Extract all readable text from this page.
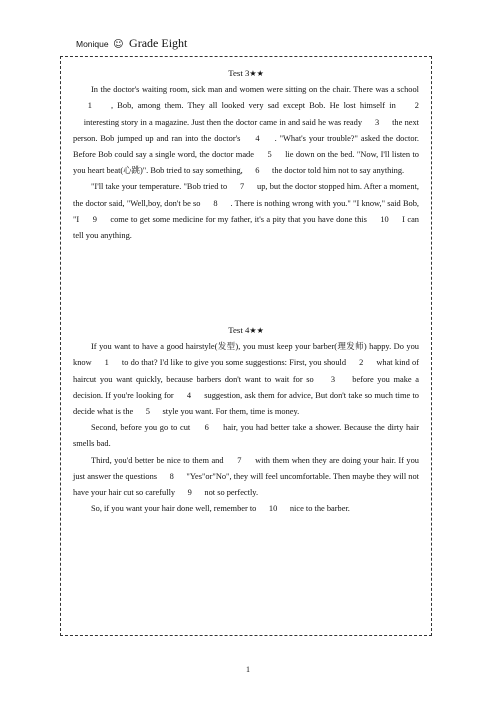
Monique ☺ Grade Eight
Test 3★★

In the doctor's waiting room, sick man and women were sitting on the chair. There was a school 　 1 　 , Bob, among them. They all looked very sad except Bob. He lost himself in 　 2 　 interesting story in a magazine. Just then the doctor came in and said he was ready 　 3 　 the next person. Bob jumped up and ran into the doctor's 　 4 　 . "What's your trouble?" asked the doctor. Before Bob could say a single word, the doctor made 　 5 　 lie down on the bed. "Now, I'll listen to you heart beat(心跳)". Bob tried to say something, 　 6 　 the doctor told him not to say anything.

"I'll take your temperature. "Bob tried to 　 7 　 up, but the doctor stopped him. After a moment, the doctor said, "Well,boy, don't be so 　 8 　 . There is nothing wrong with you." "I know," said Bob, "I 　 9 　 come to get some medicine for my father, it's a pity that you have done this 　 10 　 I can tell you anything.

Test 4★★

If you want to have a good hairstyle(发型), you must keep your barber(理发师) happy. Do you know 　 1 　 to do that? I'd like to give you some suggestions: First, you should 　 2 　 what kind of haircut you want quickly, because barbers don't want to wait for so 　 3 　 before you make a decision. If you're looking for 　 4 　 suggestion, ask them for advice, But don't take so much time to decide what is the 　 5 　 style you want. For them, time is money.

Second, before you go to cut 　 6 　 hair, you had better take a shower. Because the dirty hair smells bad.

Third, you'd better be nice to them and 　 7 　 with them when they are doing your hair. If you just answer the questions 　 8 　 "Yes"or"No", they will feel uncomfortable. Then maybe they will not have your hair cut so carefully 　 9 　 not so perfectly.

So, if you want your hair done well, remember to 　 10 　 nice to the barber.

1
